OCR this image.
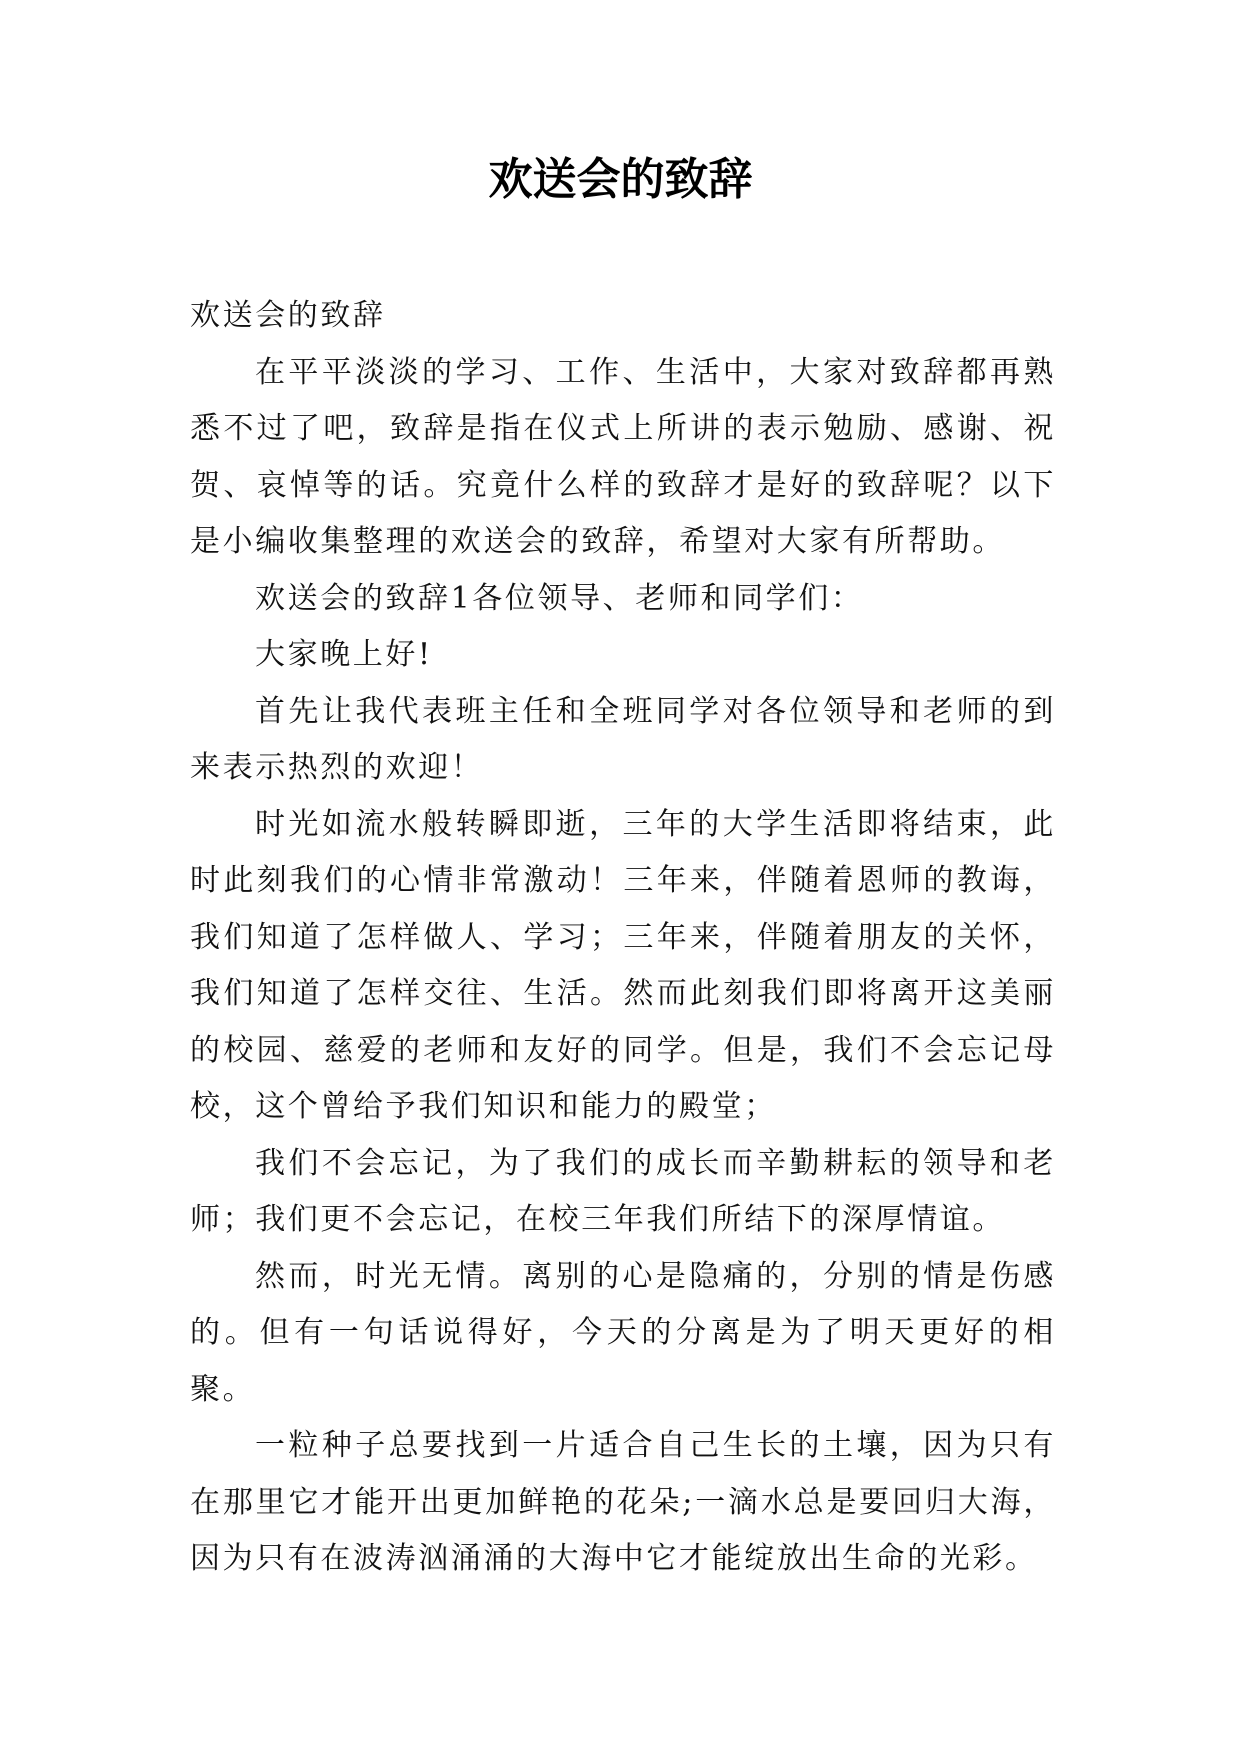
欢送会的致辞

欢送会的致辞

在平平淡淡的学习、工作、生活中，大家对致辞都再熟悉不过了吧，致辞是指在仪式上所讲的表示勉励、感谢、祝贺、哀悼等的话。究竟什么样的致辞才是好的致辞呢？以下是小编收集整理的欢送会的致辞，希望对大家有所帮助。

欢送会的致辞1各位领导、老师和同学们：

大家晚上好!

首先让我代表班主任和全班同学对各位领导和老师的到来表示热烈的欢迎！

时光如流水般转瞬即逝，三年的大学生活即将结束，此时此刻我们的心情非常激动！三年来，伴随着恩师的教诲，我们知道了怎样做人、学习；三年来，伴随着朋友的关怀，我们知道了怎样交往、生活。然而此刻我们即将离开这美丽的校园、慈爱的老师和友好的同学。但是，我们不会忘记母校，这个曾给予我们知识和能力的殿堂；

我们不会忘记，为了我们的成长而辛勤耕耘的领导和老师；我们更不会忘记，在校三年我们所结下的深厚情谊。

然而，时光无情。离别的心是隐痛的，分别的情是伤感的。但有一句话说得好，今天的分离是为了明天更好的相聚。

一粒种子总要找到一片适合自己生长的土壤，因为只有在那里它才能开出更加鲜艳的花朵;一滴水总是要回归大海，因为只有在波涛汹涌涌的大海中它才能绽放出生命的光彩。
